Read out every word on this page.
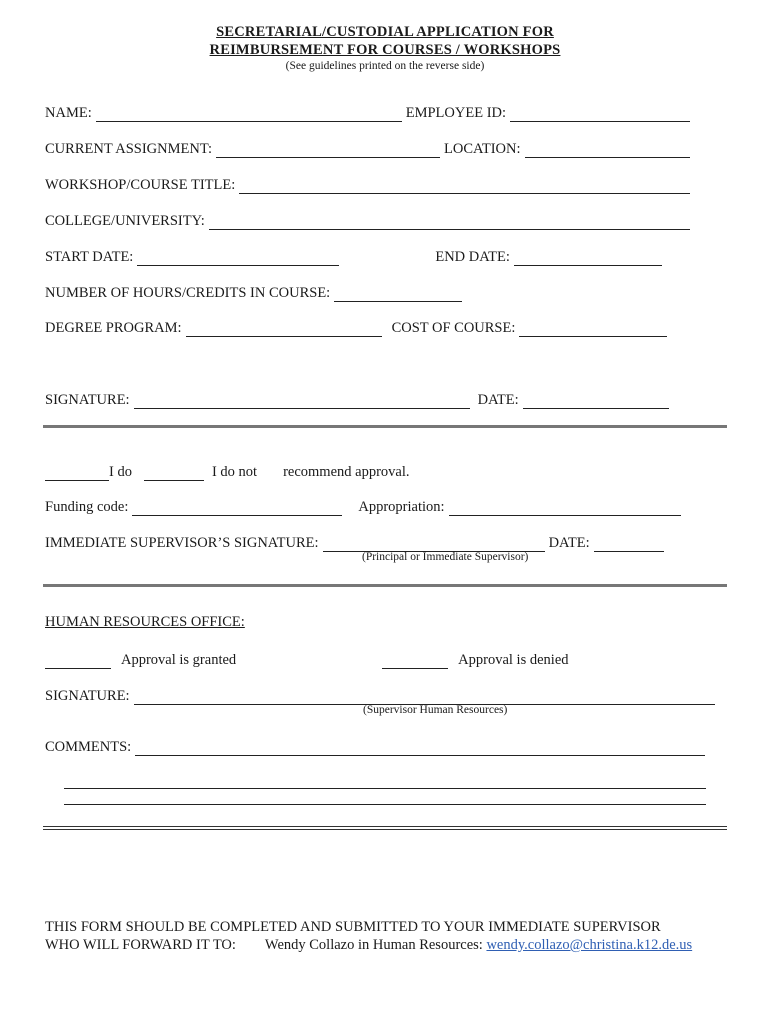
SECRETARIAL/CUSTODIAL APPLICATION FOR
REIMBURSEMENT FOR COURSES / WORKSHOPS
(See guidelines printed on the reverse side)
NAME:	EMPLOYEE ID:
CURRENT ASSIGNMENT:	LOCATION:
WORKSHOP/COURSE TITLE:
COLLEGE/UNIVERSITY:
START DATE:	END DATE:
NUMBER OF HOURS/CREDITS IN COURSE:
DEGREE PROGRAM:	COST OF COURSE:
SIGNATURE:	DATE:
I do	I do not recommend approval.
Funding code:	Appropriation:
IMMEDIATE SUPERVISOR’S SIGNATURE:	DATE:
(Principal or Immediate Supervisor)
HUMAN RESOURCES OFFICE:
Approval is granted	Approval is denied
SIGNATURE:
(Supervisor Human Resources)
COMMENTS:
THIS FORM SHOULD BE COMPLETED AND SUBMITTED TO YOUR IMMEDIATE SUPERVISOR
WHO WILL FORWARD IT TO: Wendy Collazo in Human Resources: wendy.collazo@christina.k12.de.us
